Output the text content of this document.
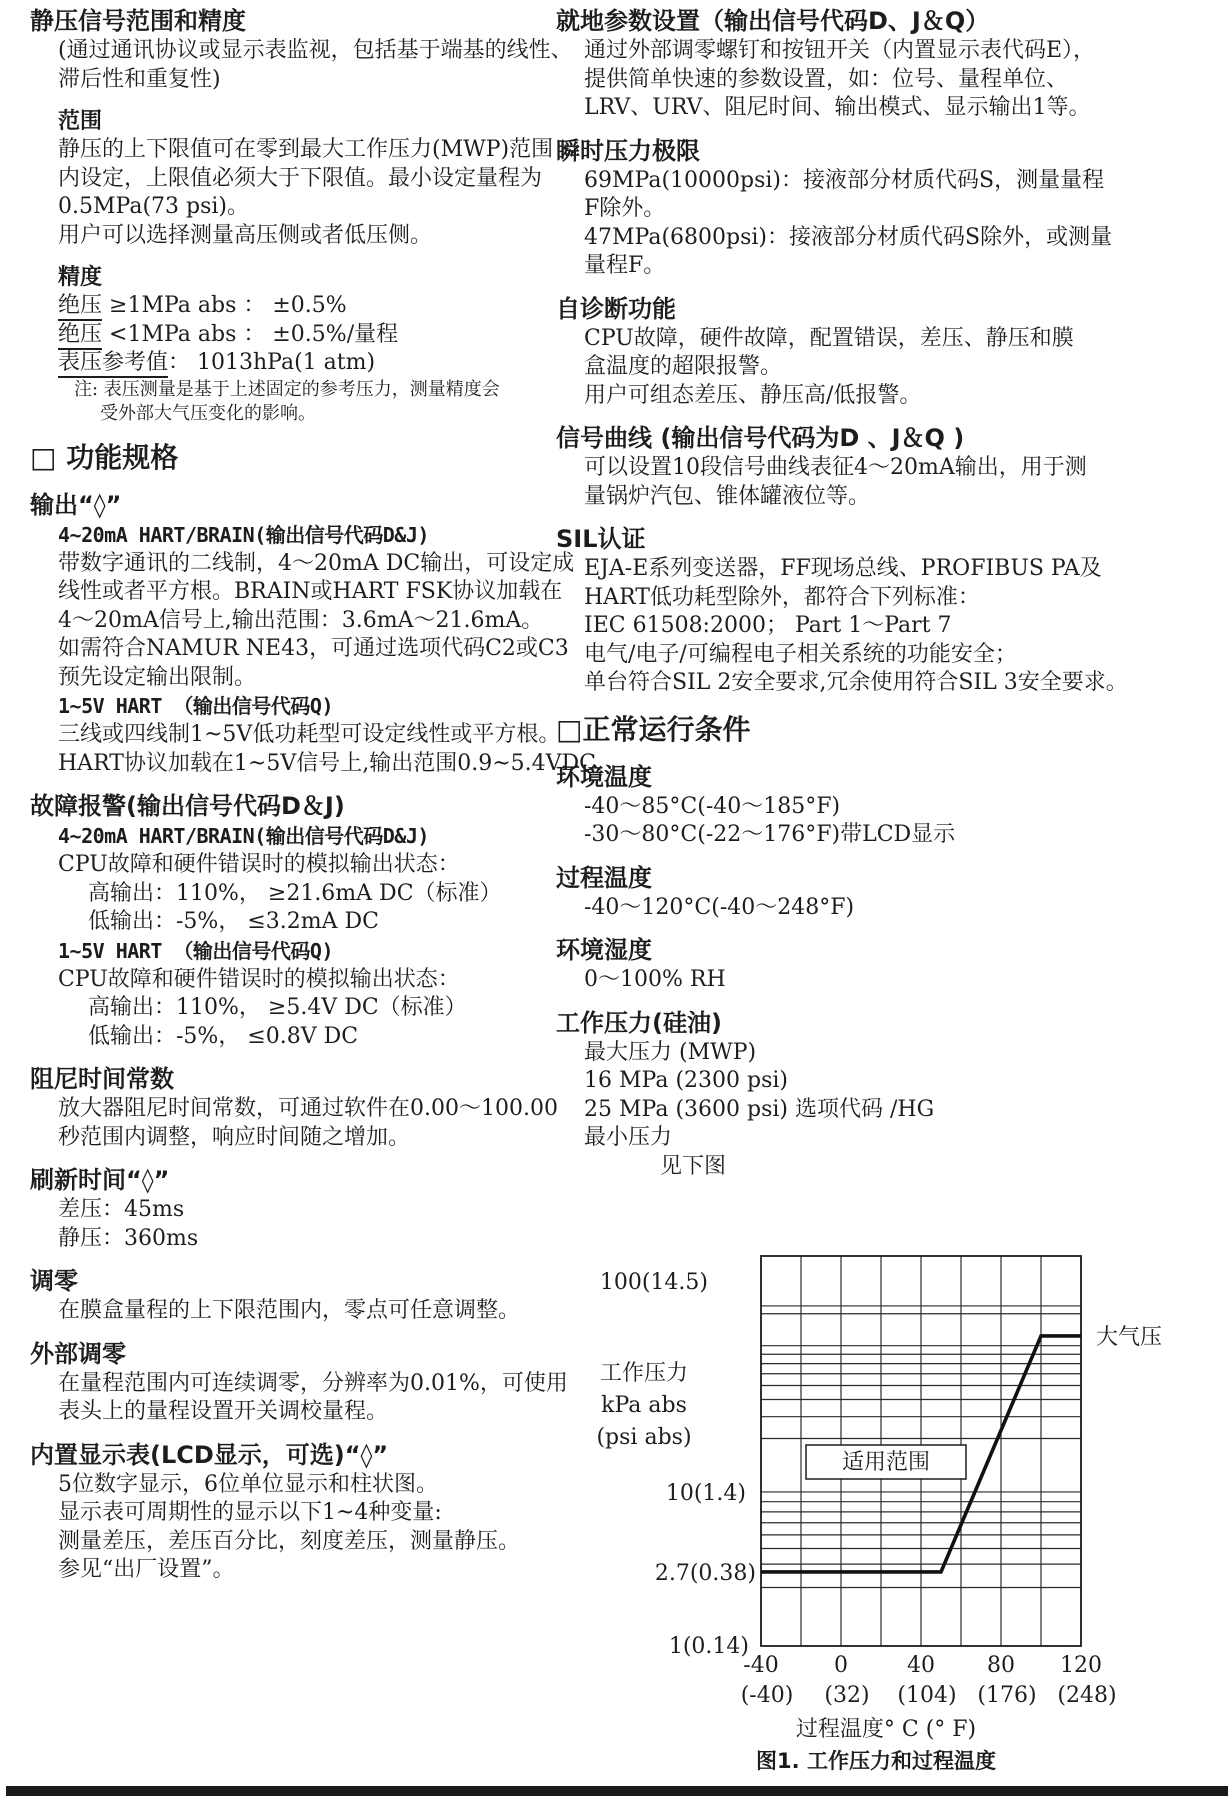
静压信号范围和精度
(通过通讯协议或显示表监视，包括基于端基的线性、
滞后性和重复性)
范围
静压的上下限值可在零到最大工作压力(MWP)范围
内设定，上限值必须大于下限值。最小设定量程为
0.5MPa(73 psi)。
用户可以选择测量高压侧或者低压侧。
精度
绝压 ≥1MPa abs ： ±0.5%
绝压 <1MPa abs ： ±0.5%/量程
表压参考值： 1013hPa(1 atm)
注: 表压测量是基于上述固定的参考压力，测量精度会
受外部大气压变化的影响。
□ 功能规格
输出“◊”
4~20mA HART/BRAIN(输出信号代码D&J)
带数字通讯的二线制，4～20mA DC输出，可设定成
线性或者平方根。BRAIN或HART FSK协议加载在
4～20mA信号上,输出范围：3.6mA～21.6mA。
如需符合NAMUR NE43，可通过选项代码C2或C3
预先设定输出限制。
1~5V HART （输出信号代码Q)
三线或四线制1~5V低功耗型可设定线性或平方根。
HART协议加载在1~5V信号上,输出范围0.9~5.4VDC
故障报警(输出信号代码D＆J)
4~20mA HART/BRAIN(输出信号代码D&J)
CPU故障和硬件错误时的模拟输出状态：
高输出：110%， ≥21.6mA DC（标准）
低输出：-5%， ≤3.2mA DC
1~5V HART （输出信号代码Q)
CPU故障和硬件错误时的模拟输出状态：
高输出：110%， ≥5.4V DC（标准）
低输出：-5%， ≤0.8V DC
阻尼时间常数
放大器阻尼时间常数，可通过软件在0.00～100.00
秒范围内调整，响应时间随之增加。
刷新时间“◊”
差压：45ms
静压：360ms
调零
在膜盒量程的上下限范围内，零点可任意调整。
外部调零
在量程范围内可连续调零，分辨率为0.01%，可使用
表头上的量程设置开关调校量程。
内置显示表(LCD显示，可选)“◊”
5位数字显示，6位单位显示和柱状图。
显示表可周期性的显示以下1~4种变量:
测量差压，差压百分比，刻度差压，测量静压。
参见“出厂设置”。
就地参数设置（输出信号代码D、J＆Q）
通过外部调零螺钉和按钮开关（内置显示表代码E），
提供简单快速的参数设置，如：位号、量程单位、
LRV、URV、阻尼时间、输出模式、显示输出1等。
瞬时压力极限
69MPa(10000psi)：接液部分材质代码S，测量量程
F除外。
47MPa(6800psi)：接液部分材质代码S除外，或测量
量程F。
自诊断功能
CPU故障，硬件故障，配置错误，差压、静压和膜
盒温度的超限报警。
用户可组态差压、静压高/低报警。
信号曲线 (输出信号代码为D 、J＆Q )
可以设置10段信号曲线表征4～20mA输出，用于测
量锅炉汽包、锥体罐液位等。
SIL认证
EJA-E系列变送器，FF现场总线、PROFIBUS PA及
HART低功耗型除外，都符合下列标准：
IEC 61508:2000； Part 1～Part 7
电气/电子/可编程电子相关系统的功能安全；
单台符合SIL 2安全要求,冗余使用符合SIL 3安全要求。
□正常运行条件
环境温度
-40～85°C(-40～185°F)
-30～80°C(-22～176°F)带LCD显示
过程温度
-40～120°C(-40～248°F)
环境湿度
0～100% RH
工作压力(硅油)
最大压力 (MWP)
16 MPa (2300 psi)
25 MPa (3600 psi) 选项代码 /HG
最小压力
见下图
适用范围
大气压
100(14.5)
10(1.4)
2.7(0.38)
1(0.14)
工作压力
kPa abs
(psi abs)
-40	0	40 80 120
(-40) (32) (104) (176) (248)
过程温度° C (° F)
图1. 工作压力和过程温度
